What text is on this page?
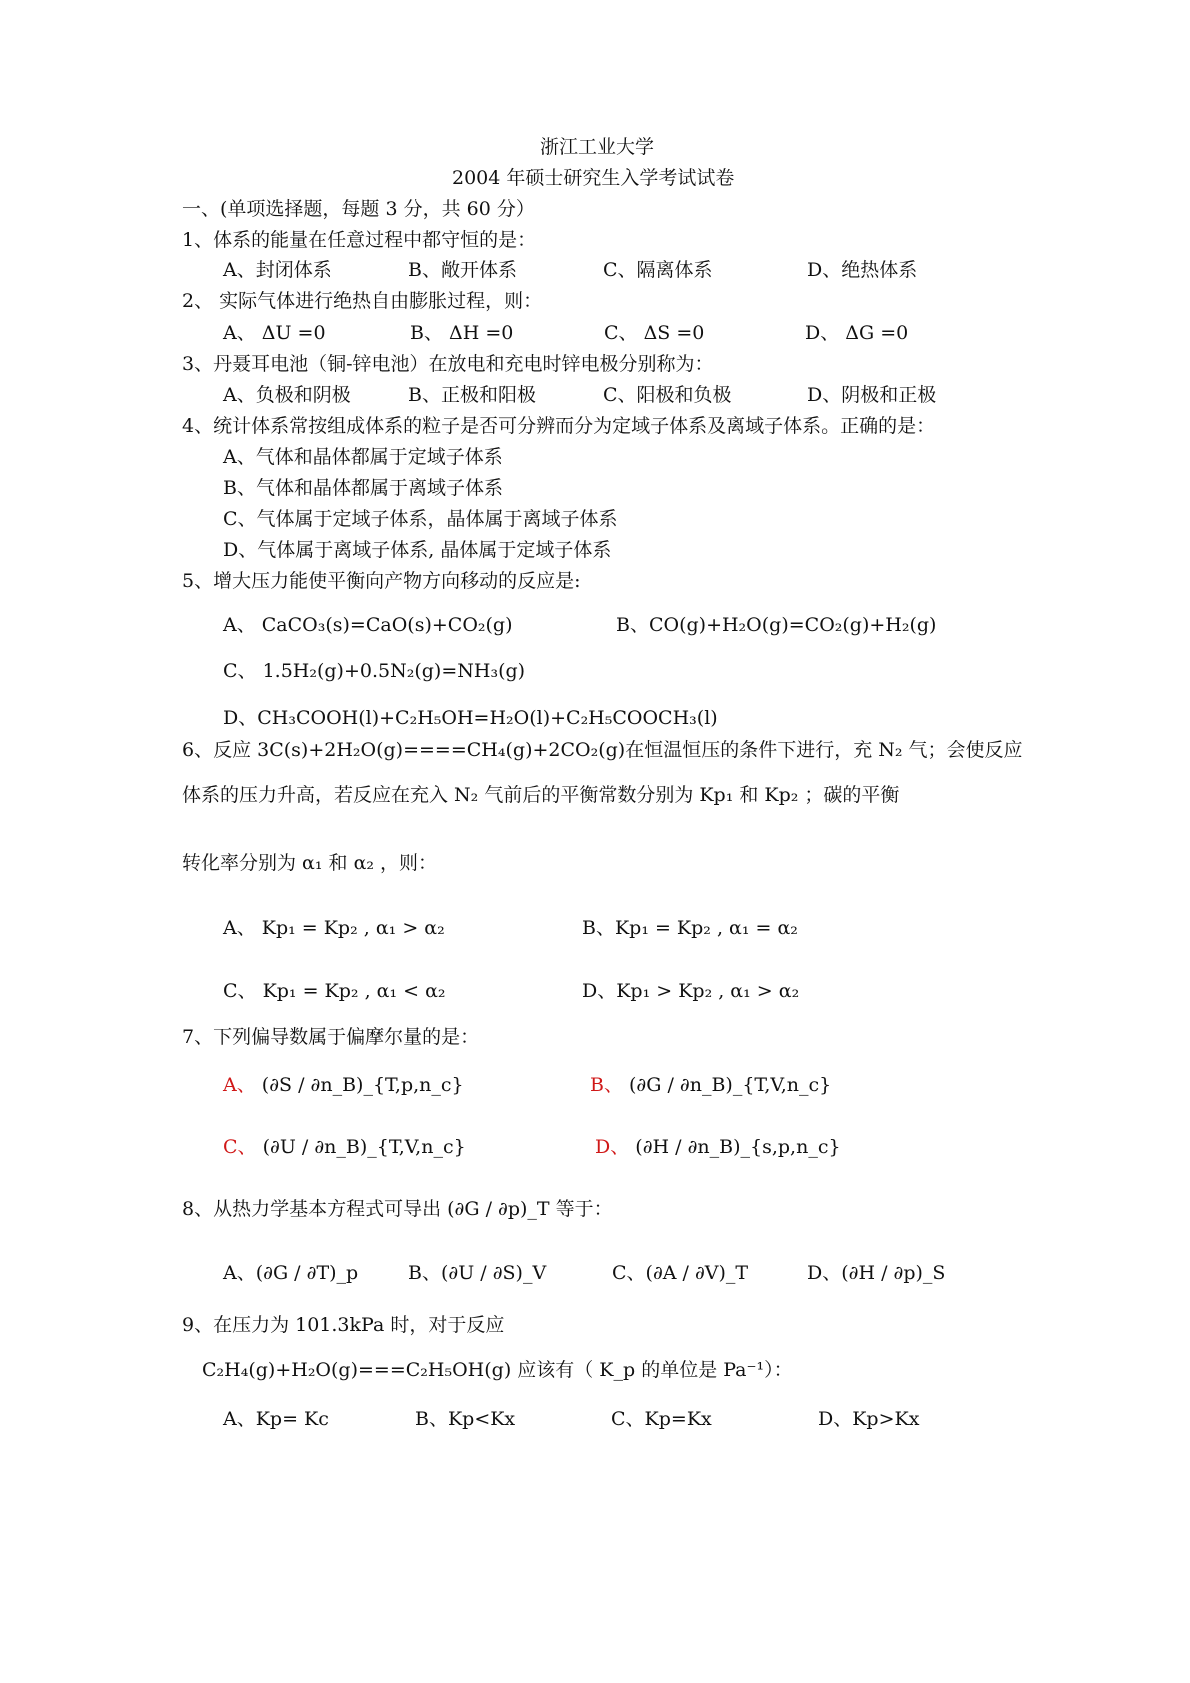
浙江工业大学
2004 年硕士研究生入学考试试卷
一、(单项选择题，每题 3 分，共 60 分）
1、体系的能量在任意过程中都守恒的是：
A、封闭体系	B、敞开体系	C、隔离体系	D、绝热体系
2、 实际气体进行绝热自由膨胀过程，则：
A、 ΔU =0	B、 ΔH =0	C、 ΔS =0	D、 ΔG =0
3、丹聂耳电池（铜-锌电池）在放电和充电时锌电极分别称为：
A、负极和阴极	B、正极和阳极	C、阳极和负极	D、阴极和正极
4、统计体系常按组成体系的粒子是否可分辨而分为定域子体系及离域子体系。正确的是：
A、气体和晶体都属于定域子体系
B、气体和晶体都属于离域子体系
C、气体属于定域子体系，晶体属于离域子体系
D、气体属于离域子体系, 晶体属于定域子体系
5、增大压力能使平衡向产物方向移动的反应是:
A、 CaCO₃(s)=CaO(s)+CO₂(g)	B、CO(g)+H₂O(g)=CO₂(g)+H₂(g)
C、 1.5H₂(g)+0.5N₂(g)=NH₃(g)
D、CH₃COOH(l)+C₂H₅OH=H₂O(l)+C₂H₅COOCH₃(l)
6、反应 3C(s)+2H₂O(g)====CH₄(g)+2CO₂(g)在恒温恒压的条件下进行，充 N₂ 气；会使反应
体系的压力升高，若反应在充入 N₂ 气前后的平衡常数分别为 Kp₁ 和 Kp₂ ；碳的平衡
转化率分别为 α₁ 和 α₂ ，则：
A、 Kp₁ = Kp₂ , α₁ > α₂	B、Kp₁ = Kp₂ , α₁ = α₂
C、 Kp₁ = Kp₂ , α₁ < α₂	D、Kp₁ > Kp₂ , α₁ > α₂
7、下列偏导数属于偏摩尔量的是：
A、 (∂S / ∂n_B)_{T,p,n_c}	B、 (∂G / ∂n_B)_{T,V,n_c}
C、 (∂U / ∂n_B)_{T,V,n_c}	D、 (∂H / ∂n_B)_{s,p,n_c}
8、从热力学基本方程式可导出 (∂G / ∂p)_T 等于：
A、(∂G / ∂T)_p	B、(∂U / ∂S)_V	C、(∂A / ∂V)_T	D、(∂H / ∂p)_S
9、在压力为 101.3kPa 时，对于反应
C₂H₄(g)+H₂O(g)===C₂H₅OH(g) 应该有（ K_p 的单位是 Pa⁻¹）：
A、Kp= Kc	B、Kp<Kx	C、Kp=Kx	D、Kp>Kx
